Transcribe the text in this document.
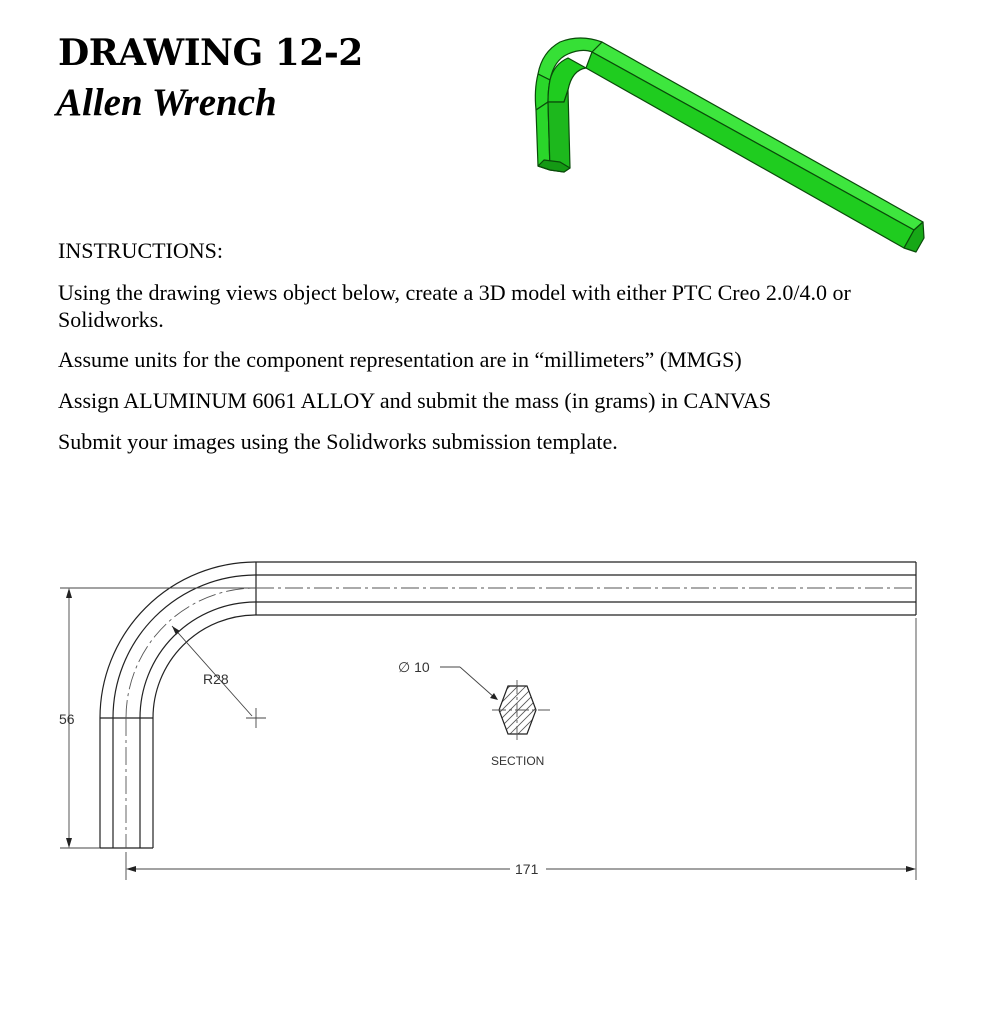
DRAWING 12-2
Allen Wrench

INSTRUCTIONS:

Using the drawing views object below, create a 3D model with either PTC Creo 2.0/4.0 or Solidworks.

Assume units for the component representation are in “millimeters” (MMGS)

Assign ALUMINUM 6061 ALLOY and submit the mass (in grams) in CANVAS

Submit your images using the Solidworks submission template.

56
171
R28
∅ 10
SECTION
